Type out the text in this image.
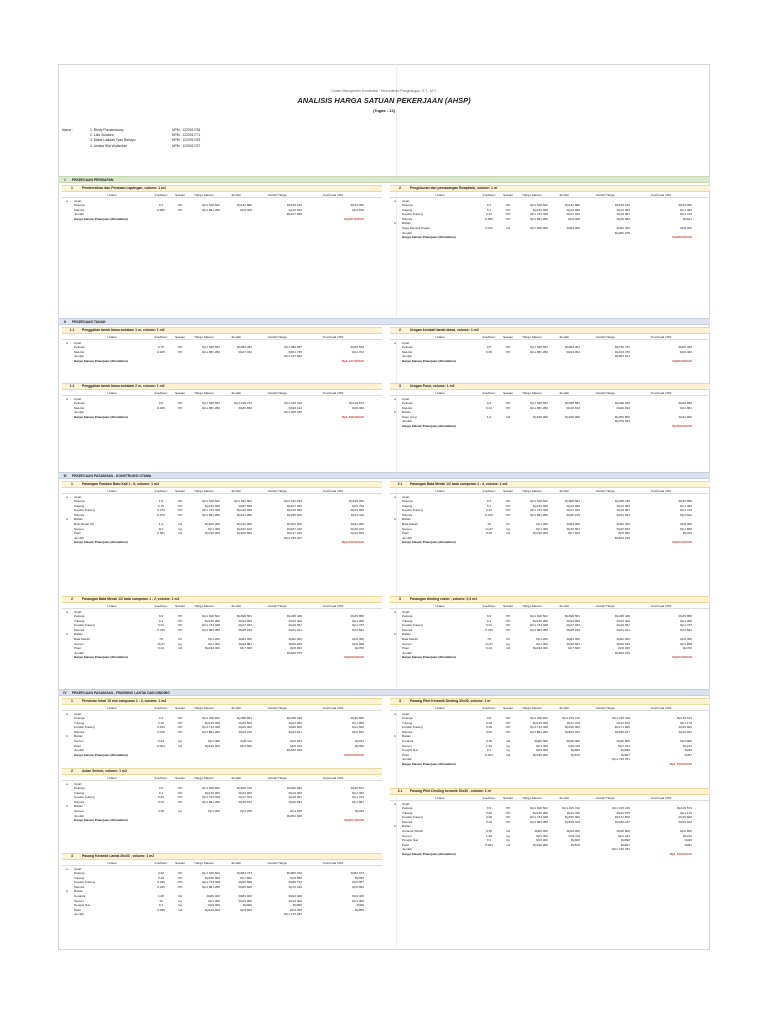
Dosen Manajemen Konstruksi : Muvurdenio Pangbangun, S.T., M.T.
ANALISIS HARGA SATUAN PEKERJAAN (AHSP)
(Tugas - 12)
Nama :	1. Rindy Purnamasary	NPM : 1220017/36
2. Lala Sulastra	NPM : 1220017/71
3. Maria Lailidah Tyas Rahayu	NPM : 1220017/92
4. Annisa Sifa Wulandari	NPM : 1220017/37
I	PEKERJAAN PERSIAPAN
II	PEKERJAAN TANAH
III	PEKERJAAN PASANGAN - KONSTRUKSI UTAMA
IV	PEKERJAAN PASANGAN - FINISHING LANTAI DAN DINDING
1	Pembersihan dan Perataan Lapangan, volume: 1 m2
Uraian	Koefisien	Satuan	Harga Satuan	Jumlah	Jumlah Harga	Overhead 10%
a	Upah
Pekerja	0.1	OH	Rp1.328.602	Rp132.860	Rp146.129	Rp13.286
Mandor	0.005	OH	Rp1.881.280	Rp9.406	Rp10.910	Rp4.628
Jumlah	Rp167.050
Harga Satuan Pekerjaan (dibulatkan)	Rp167.000,00
2	Pengukuran dan pemasangan Bowplank, volume: 1 m'
Uraian	Koefisien	Satuan	Harga Satuan	Jumlah	Jumlah Harga	Overhead 10%
a	Upah
Pekerja	0.1	OH	Rp1.328.602	Rp132.860	Rp146.129	Rp13.286
Tukang	0.1	OH	Rp130.000	Rp13.000	Rp14.300	Rp1.300
Kepala Tukang	0.01	OH	Rp1.733.328	Rp17.333	Rp19.067	Rp1.733
Mandor	0.005	OH	Rp1.881.280	Rp9.406	Rp10.382	Rp941
b	Bahan
Kayu Meranti Papan	0.012	m3	Rp7.000.000	Rp84.000	Rp92.400	Rp8.400
Jumlah	Rp282.278
Harga Satuan Pekerjaan (dibulatkan)	Rp282.000,00
1.1	Penggalian tanah biasa sedalam 1 m, volume: 1 m3
Uraian	Koefisien	Satuan	Harga Satuan	Jumlah	Jumlah Harga	Overhead 10%
a	Upah
Pekerja	0.75	OH	Rp1.328.602	Rp996.452	Rp1.096.097	Rp99.645
Mandor	0.025	OH	Rp1.881.280	Rp47.032	Rp51.735	Rp4.703
Jumlah	Rp1.147.832
Harga Satuan Pekerjaan (dibulatkan)	Rp1.147.000,00
2	Urugan kembali tanah biasa, volume: 1 m3
Uraian	Koefisien	Satuan	Harga Satuan	Jumlah	Jumlah Harga	Overhead 10%
a	Upah
Pekerja	0.5	OH	Rp1.328.602	Rp664.301	Rp730.731	Rp66.430
Mandor	0.05	OH	Rp1.881.280	Rp94.064	Rp103.470	Rp9.406
Jumlah	Rp834.201
Harga Satuan Pekerjaan (dibulatkan)	Rp834.000,00
1.2	Penggalian tanah biasa sedalam 2 m, volume: 1 m3
Uraian	Koefisien	Satuan	Harga Satuan	Jumlah	Jumlah Harga	Overhead 10%
a	Upah
Pekerja	0.9	OH	Rp1.328.602	Rp1.195.742	Rp1.315.316	Rp119.574
Mandor	0.045	OH	Rp1.881.280	Rp84.658	Rp93.123	Rp8.466
Jumlah	Rp1.408.439
Harga Satuan Pekerjaan (dibulatkan)	Rp1.408.000,00
3	Urugan Pasir, volume: 1 m3
Uraian	Koefisien	Satuan	Harga Satuan	Jumlah	Jumlah Harga	Overhead 10%
a	Upah
Pekerja	0.3	OH	Rp1.328.602	Rp398.581	Rp438.439	Rp39.858
Mandor	0.01	OH	Rp1.881.280	Rp18.813	Rp20.694	Rp1.881
b	Bahan
Pasir Urug	1.2	m3	Rp190.000	Rp228.000	Rp250.800	Rp22.800
Jumlah	Rp709.933
Harga Satuan Pekerjaan (dibulatkan)	Rp709.000,00
1	Pasangan Fondasi Batu Kali 1 : 6, volume: 1 m3
Uraian	Koefisien	Satuan	Harga Satuan	Jumlah	Jumlah Harga	Overhead 10%
a	Upah
Pekerja	1.5	OH	Rp1.328.602	Rp1.992.903	Rp2.192.193	Rp199.290
Tukang	0.75	OH	Rp130.000	Rp97.500	Rp107.250	Rp9.750
Kepala Tukang	0.075	OH	Rp1.733.328	Rp129.999	Rp142.999	Rp13.000
Mandor	0.075	OH	Rp1.881.280	Rp141.096	Rp155.206	Rp14.110
b	Bahan
Batu Belah 20	1.2	m3	Rp260.000	Rp312.000	Rp343.200	Rp31.200
Semen	117	kg	Rp1.300	Rp152.100	Rp167.310	Rp15.210
Pasir	0.561	m3	Rp190.000	Rp106.590	Rp117.249	Rp10.659
Jumlah	Rp3.225.407
Harga Satuan Pekerjaan (dibulatkan)	Rp3.225.000,00
2.1	Pasangan Bata Merah 1/2 batu campuran 1 : 4, volume: 1 m2
Uraian	Koefisien	Satuan	Harga Satuan	Jumlah	Jumlah Harga	Overhead 10%
a	Upah
Pekerja	0.3	OH	Rp1.328.602	Rp398.581	Rp438.439	Rp39.858
Tukang	0.1	OH	Rp130.000	Rp13.000	Rp14.300	Rp1.300
Kepala Tukang	0.01	OH	Rp1.733.328	Rp17.333	Rp19.067	Rp1.733
Mandor	0.015	OH	Rp1.881.280	Rp28.219	Rp31.041	Rp2.822
b	Bahan
Bata Merah	70	bh	Rp1.200	Rp84.000	Rp92.400	Rp8.400
Semen	14.37	kg	Rp1.300	Rp18.681	Rp20.549	Rp1.868
Pasir	0.04	m3	Rp190.000	Rp7.600	Rp8.360	Rp760
Jumlah	Rp624.156
Harga Satuan Pekerjaan (dibulatkan)	Rp624.000,00
2	Pasangan Bata Merah 1/2 batu campuran 1 : 2, volume: 1 m2
Uraian	Koefisien	Satuan	Harga Satuan	Jumlah	Jumlah Harga	Overhead 10%
a	Upah
Pekerja	0.3	OH	Rp1.328.602	Rp398.581	Rp438.439	Rp39.858
Tukang	0.1	OH	Rp130.000	Rp13.000	Rp14.300	Rp1.300
Kepala Tukang	0.01	OH	Rp1.733.328	Rp17.333	Rp19.067	Rp1.733
Mandor	0.015	OH	Rp1.881.280	Rp28.219	Rp31.041	Rp2.822
b	Bahan
Bata Merah	70	bh	Rp1.200	Rp84.000	Rp92.400	Rp8.400
Semen	18.37	kg	Rp1.300	Rp23.881	Rp26.269	Rp2.388
Pasir	0.04	m3	Rp190.000	Rp7.600	Rp8.360	Rp760
Jumlah	Rp629.876
Harga Satuan Pekerjaan (dibulatkan)	Rp629.000,00
3	Pasangan dinding roster , volume: 0,3 m2
Uraian	Koefisien	Satuan	Harga Satuan	Jumlah	Jumlah Harga	Overhead 10%
a	Upah
Pekerja	0.3	OH	Rp1.328.602	Rp398.581	Rp438.439	Rp39.858
Tukang	0.1	OH	Rp130.000	Rp13.000	Rp14.300	Rp1.300
Kepala Tukang	0.01	OH	Rp1.733.328	Rp17.333	Rp19.067	Rp1.733
Mandor	0.015	OH	Rp1.881.280	Rp28.219	Rp31.041	Rp2.822
b	Bahan
Bata Merah	70	bh	Rp1.200	Rp84.000	Rp92.400	Rp8.400
Semen	14.37	kg	Rp1.300	Rp18.681	Rp20.549	Rp1.868
Pasir	0.04	m3	Rp190.000	Rp7.600	Rp8.360	Rp760
Jumlah	Rp624.156
Harga Satuan Pekerjaan (dibulatkan)	Rp624.000,00
1	Plesteran tebal 15 mm campuran 1 : 3, volume: 1 m2
Uraian	Koefisien	Satuan	Harga Satuan	Jumlah	Jumlah Harga	Overhead 10%
a	Upah
Pekerja	0.3	OH	Rp1.328.602	Rp398.581	Rp438.439	Rp39.858
Tukang	0.15	OH	Rp130.000	Rp19.500	Rp21.450	Rp1.950
Kepala Tukang	0.015	OH	Rp1.733.328	Rp26.000	Rp28.600	Rp2.600
Mandor	0.015	OH	Rp1.881.280	Rp28.219	Rp31.041	Rp2.822
b	Bahan
Semen	6.24	kg	Rp1.300	Rp8.112	Rp8.923	Rp811
Pasir	0.024	m3	Rp190.000	Rp4.560	Rp5.016	Rp456
Jumlah	Rp533.469
Harga Satuan Pekerjaan (dibulatkan)	Rp533.000,00
3	Pasang Plint Keramik Dinding 30x30, volume: 1 m'
Uraian	Koefisien	Satuan	Harga Satuan	Jumlah	Jumlah Harga	Overhead 10%
a	Upah
Pekerja	0.9	OH	Rp1.328.602	Rp1.195.742	Rp1.315.316	Rp119.574
Tukang	0.09	OH	Rp130.000	Rp11.700	Rp12.870	Rp1.170
Kepala Tukang	0.09	OH	Rp1.733.328	Rp156.000	Rp171.600	Rp15.600
Mandor	0.09	OH	Rp1.881.280	Rp169.315	Rp186.247	Rp16.932
b	Bahan
Keramik	0.35	m2	Rp80.000	Rp28.000	Rp30.800	Rp2.800
Semen	1.63	kg	Rp1.300	Rp2.119	Rp2.331	Rp212
Pengisi Nat	0.1	kg	Rp9.000	Rp900	Rp990	Rp90
Pasir	0.003	m3	Rp190.000	Rp570	Rp627	Rp57
Jumlah	Rp1.720.781
Harga Satuan Pekerjaan (dibulatkan)	Rp1.720.000,00
2	Acian Semen, volume: 1 m2
Uraian	Koefisien	Satuan	Harga Satuan	Jumlah	Jumlah Harga	Overhead 10%
a	Upah
Pekerja	0.2	OH	Rp1.328.602	Rp265.720	Rp292.292	Rp26.572
Tukang	0.1	OH	Rp130.000	Rp13.000	Rp14.300	Rp1.300
Kepala Tukang	0.01	OH	Rp1.733.328	Rp17.333	Rp19.067	Rp1.733
Mandor	0.01	OH	Rp1.881.280	Rp18.813	Rp20.694	Rp1.881
b	Bahan
Semen	3.25	kg	Rp1.300	Rp4.225	Rp4.648	Rp423
Jumlah	Rp351.000
Harga Satuan Pekerjaan (dibulatkan)	Rp351.000,00
3.1	Pasang Plint Dinding keramik 30x30 , volume: 1 m'
Uraian	Koefisien	Satuan	Harga Satuan	Jumlah	Jumlah Harga	Overhead 10%
a	Upah
Pekerja	0.9	OH	Rp1.328.602	Rp1.195.742	Rp1.315.316	Rp119.574
Tukang	0.09	OH	Rp130.000	Rp11.700	Rp12.870	Rp1.170
Kepala Tukang	0.09	OH	Rp1.733.328	Rp156.000	Rp171.600	Rp15.600
Mandor	0.09	OH	Rp1.881.280	Rp169.315	Rp186.247	Rp16.932
b	Bahan
Keramik 30x30	0.35	m2	Rp80.000	Rp28.000	Rp30.800	Rp2.800
Semen	1.63	kg	Rp1.300	Rp2.119	Rp2.331	Rp212
Pengisi Nat	0.1	kg	Rp9.000	Rp900	Rp990	Rp90
Pasir	0.003	m3	Rp190.000	Rp570	Rp627	Rp57
Jumlah	Rp1.720.781
Harga Satuan Pekerjaan (dibulatkan)	Rp1.720.000,00
4	Pasang Keramik Lantai 30x30 , volume: 1 m2
Uraian	Koefisien	Satuan	Harga Satuan	Jumlah	Jumlah Harga	Overhead 10%
a	Upah
Pekerja	0.62	OH	Rp1.328.602	Rp823.733	Rp906.106	Rp82.373
Tukang	0.06	OH	Rp130.000	Rp7.800	Rp8.580	Rp780
Kepala Tukang	0.035	OH	Rp1.733.328	Rp60.666	Rp66.733	Rp6.067
Mandor	0.035	OH	Rp1.881.280	Rp65.845	Rp72.429	Rp6.584
b	Bahan
Keramik	1.05	m2	Rp80.000	Rp84.000	Rp92.400	Rp8.400
Semen	10	kg	Rp1.300	Rp13.000	Rp14.300	Rp1.300
Pengisi Nat	0.1	kg	Rp9.000	Rp900	Rp990	Rp90
Pasir	0.045	m3	Rp190.000	Rp8.550	Rp9.405	Rp855
Jumlah	Rp1.170.943
